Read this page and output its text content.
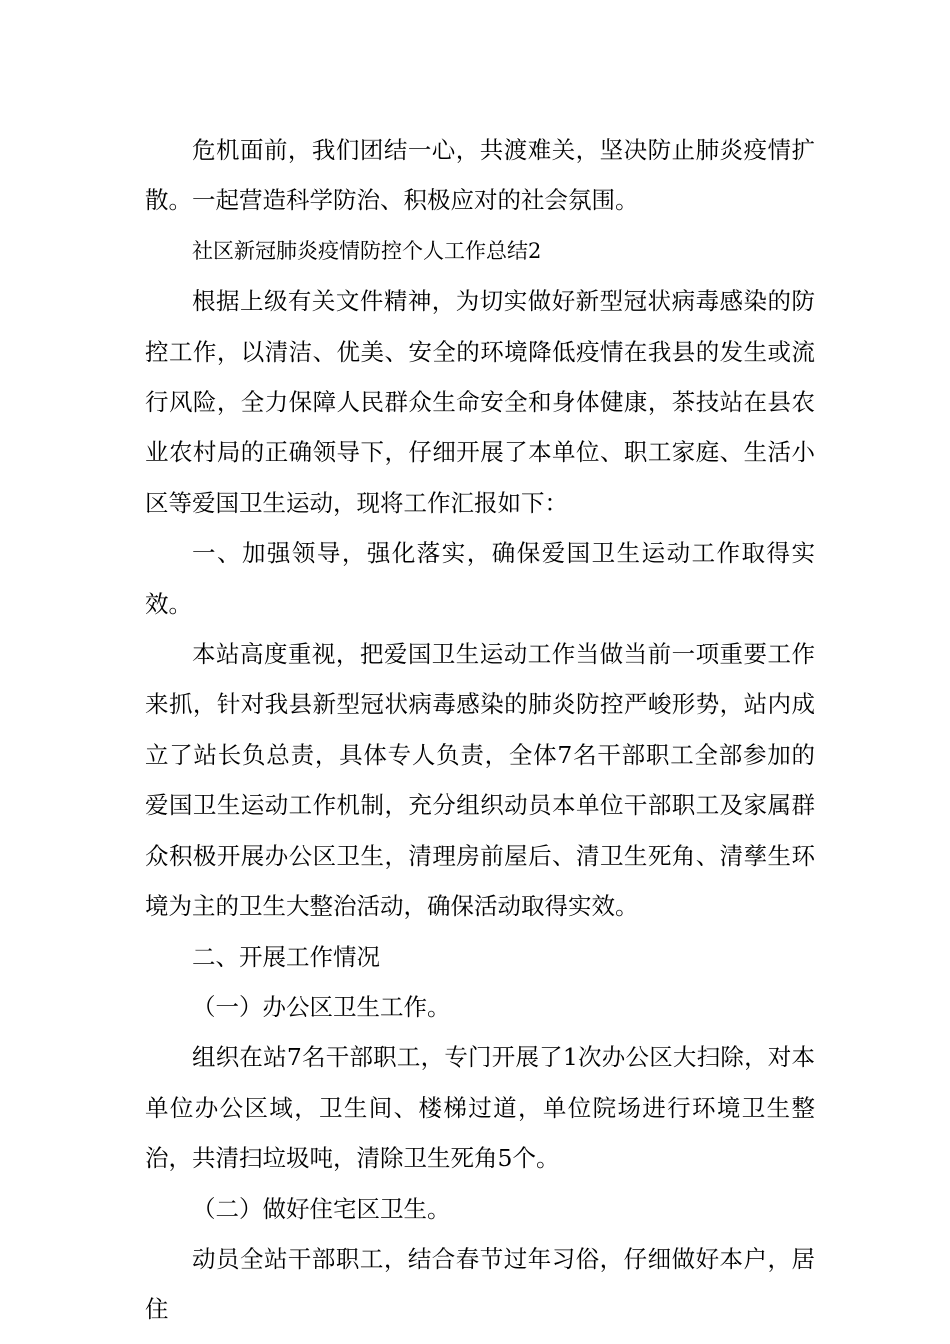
危机面前，我们团结一心，共渡难关，坚决防止肺炎疫情扩散。一起营造科学防治、积极应对的社会氛围。

社区新冠肺炎疫情防控个人工作总结2

根据上级有关文件精神，为切实做好新型冠状病毒感染的防控工作，以清洁、优美、安全的环境降低疫情在我县的发生或流行风险，全力保障人民群众生命安全和身体健康，茶技站在县农业农村局的正确领导下，仔细开展了本单位、职工家庭、生活小区等爱国卫生运动，现将工作汇报如下：

一、加强领导，强化落实，确保爱国卫生运动工作取得实效。

本站高度重视，把爱国卫生运动工作当做当前一项重要工作来抓，针对我县新型冠状病毒感染的肺炎防控严峻形势，站内成立了站长负总责，具体专人负责，全体7名干部职工全部参加的爱国卫生运动工作机制，充分组织动员本单位干部职工及家属群众积极开展办公区卫生，清理房前屋后、清卫生死角、清孳生环境为主的卫生大整治活动，确保活动取得实效。

二、开展工作情况

（一）办公区卫生工作。

组织在站7名干部职工，专门开展了1次办公区大扫除，对本单位办公区域，卫生间、楼梯过道，单位院场进行环境卫生整治，共清扫垃圾吨，清除卫生死角5个。

（二）做好住宅区卫生。

动员全站干部职工，结合春节过年习俗，仔细做好本户，居住
